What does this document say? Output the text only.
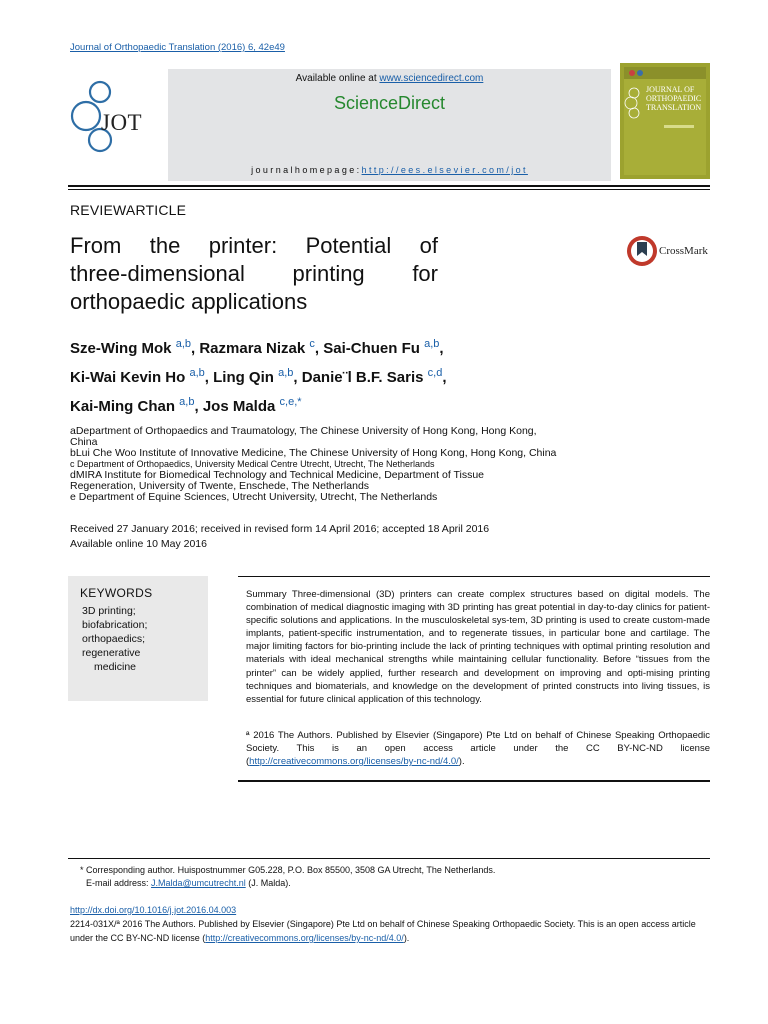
Journal of Orthopaedic Translation (2016) 6, 42e49
JOT
Available online at www.sciencedirect.com
ScienceDirect
journalhomepage:http://ees.elsevier.com/jot
JOURNAL OF
ORTHOPAEDIC
TRANSLATION
REVIEWARTICLE
From the printer: Potential of
three-dimensional printing for
orthopaedic applications
CrossMark
Sze-Wing Mok $^{a,b}$, Razmara Nizak $^c$, Sai-Chuen Fu $^{a,b}$,
Ki-Wai Kevin Ho $^{a,b}$, Ling Qin $^{a,b}$, Danie¨l B.F. Saris $^{c,d}$,
Kai-Ming Chan $^{a,b}$, Jos Malda $^{c,e,*}$
aDepartment of Orthopaedics and Traumatology, The Chinese University of Hong Kong, Hong Kong,
China
bLui Che Woo Institute of Innovative Medicine, The Chinese University of Hong Kong, Hong Kong, China
c Department of Orthopaedics, University Medical Centre Utrecht, Utrecht, The Netherlands
dMIRA Institute for Biomedical Technology and Technical Medicine, Department of Tissue
Regeneration, University of Twente, Enschede, The Netherlands
e Department of Equine Sciences, Utrecht University, Utrecht, The Netherlands
Received 27 January 2016; received in revised form 14 April 2016; accepted 18 April 2016
Available online 10 May 2016
KEYWORDS
3D printing;
biofabrication;
orthopaedics;
regenerative
medicine
Summary Three-dimensional (3D) printers can create complex structures based on digital models. The combination of medical diagnostic imaging with 3D printing has great potential in day-to-day clinics for patient-specific solutions and applications. In the musculoskeletal sys-tem, 3D printing is used to create custom-made implants, patient-specific instrumentation, and to regenerate tissues, in particular bone and cartilage. The major limiting factors for bio-printing include the lack of printing techniques with optimal printing resolution and materials with ideal mechanical strengths while maintaining cellular functionality. Before “tissues from the printer” can be widely applied, further research and development on improving and opti-mising printing techniques and biomaterials, and knowledge on the development of printed constructs into living tissues, is essential for future clinical application of this technology.
ª 2016 The Authors. Published by Elsevier (Singapore) Pte Ltd on behalf of Chinese Speaking Orthopaedic Society. This is an open access article under the CC BY-NC-ND license (http://creativecommons.org/licenses/by-nc-nd/4.0/).
* Corresponding author. Huispostnummer G05.228, P.O. Box 85500, 3508 GA Utrecht, The Netherlands.
E-mail address: J.Malda@umcutrecht.nl (J. Malda).
http://dx.doi.org/10.1016/j.jot.2016.04.003
2214-031X/ª 2016 The Authors. Published by Elsevier (Singapore) Pte Ltd on behalf of Chinese Speaking Orthopaedic Society. This is an open access article under the CC BY-NC-ND license (http://creativecommons.org/licenses/by-nc-nd/4.0/).
